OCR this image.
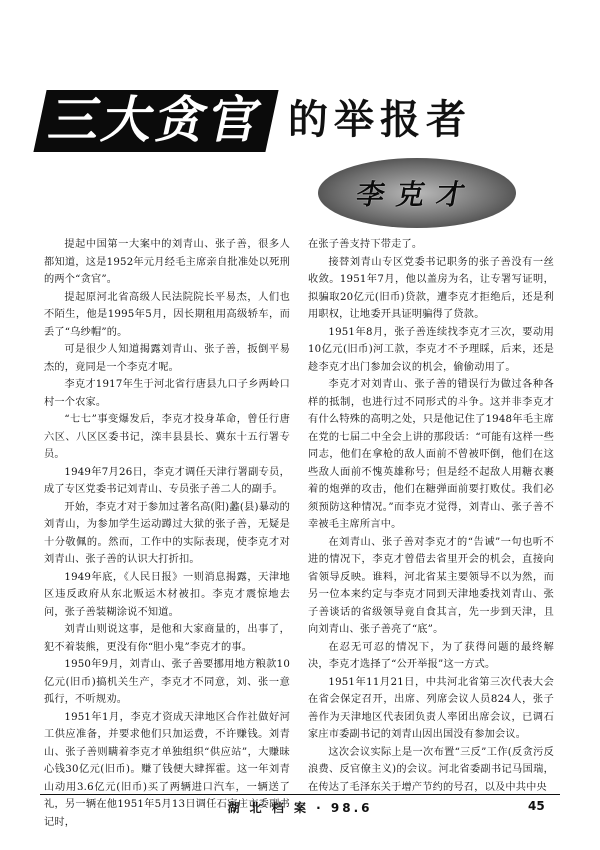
三大贪官 的举报者
李克才

提起中国第一大案中的刘青山、张子善，很多人都知道，这是1952年元月经毛主席亲自批准处以死刑的两个“贪官”。

提起原河北省高级人民法院院长平易杰，人们也不陌生，他是1995年5月，因长期租用高级轿车，而丢了“乌纱帽”的。

可是很少人知道揭露刘青山、张子善，扳倒平易杰的，竟同是一个李克才呢。

李克才1917年生于河北省行唐县九口子乡两岭口村一个农家。

“七七”事变爆发后，李克才投身革命，曾任行唐六区、八区区委书记，滦丰县县长、冀东十五行署专员。

1949年7月26日，李克才调任天津行署副专员，成了专区党委书记刘青山、专员张子善二人的副手。

开始，李克才对于参加过著名高(阳)蠡(县)暴动的刘青山，为参加学生运动蹲过大狱的张子善，无疑是十分敬佩的。然而，工作中的实际表现，使李克才对刘青山、张子善的认识大打折扣。

1949年底，《人民日报》一则消息揭露，天津地区违反政府从东北贩运木材被扣。李克才震惊地去问，张子善装糊涂说不知道。

刘青山则说这事，是他和大家商量的，出事了，犯不着装熊，更没有你“胆小鬼”李克才的事。

1950年9月，刘青山、张子善要挪用地方粮款10亿元(旧币)搞机关生产，李克才不同意，刘、张一意孤行，不听规劝。

1951年1月，李克才资成天津地区合作社做好河工供应准备，并要求他们只加运费，不许赚钱。刘青山、张子善则瞒着李克才单独组织“供应站”，大赚昧心钱30亿元(旧币)。赚了钱便大肆挥霍。这一年刘青山动用3.6亿元(旧币)买了两辆进口汽车，一辆送了礼，另一辆在他1951年5月13日调任石家庄市委副书记时，

在张子善支持下带走了。

接替刘青山专区党委书记职务的张子善没有一丝收敛。1951年7月，他以盖房为名，让专署写证明，拟骗取20亿元(旧币)贷款，遭李克才拒绝后，还是利用职权，让地委开具证明骗得了贷款。

1951年8月，张子善连续找李克才三次，要动用10亿元(旧币)河工款，李克才不予理睬，后来，还是趁李克才出门参加会议的机会，偷偷动用了。

李克才对刘青山、张子善的错误行为做过各种各样的抵制，也进行过不同形式的斗争。这并非李克才有什么特殊的高明之处，只是他记住了1948年毛主席在党的七届二中全会上讲的那段话：“可能有这样一些同志，他们在拿枪的敌人面前不曾被吓倒，他们在这些敌人面前不愧英雄称号；但是经不起敌人用糖衣裹着的炮弹的攻击，他们在糖弹面前要打败仗。我们必须预防这种情况。”而李克才觉得，刘青山、张子善不幸被毛主席所言中。

在刘青山、张子善对李克才的“告诫”一句也听不进的情况下，李克才曾借去省里开会的机会，直接向省领导反映。谁料，河北省某主要领导不以为然，而另一位本来约定与李克才同到天津地委找刘青山、张子善谈话的省级领导竟自食其言，先一步到天津，且向刘青山、张子善亮了“底”。

在忍无可忍的情况下，为了获得问题的最终解决，李克才选择了“公开举报”这一方式。

1951年11月21日，中共河北省第三次代表大会在省会保定召开，出席、列席会议人员824人，张子善作为天津地区代表团负责人率团出席会议，已调石家庄市委副书记的刘青山因出国没有参加会议。

这次会议实际上是一次布置“三反”工作(反贪污反浪费、反官僚主义)的会议。河北省委副书记马国瑞，在传达了毛泽东关于增产节约的号召，以及中共中央

湖 北 档 案 · 98.6	45
